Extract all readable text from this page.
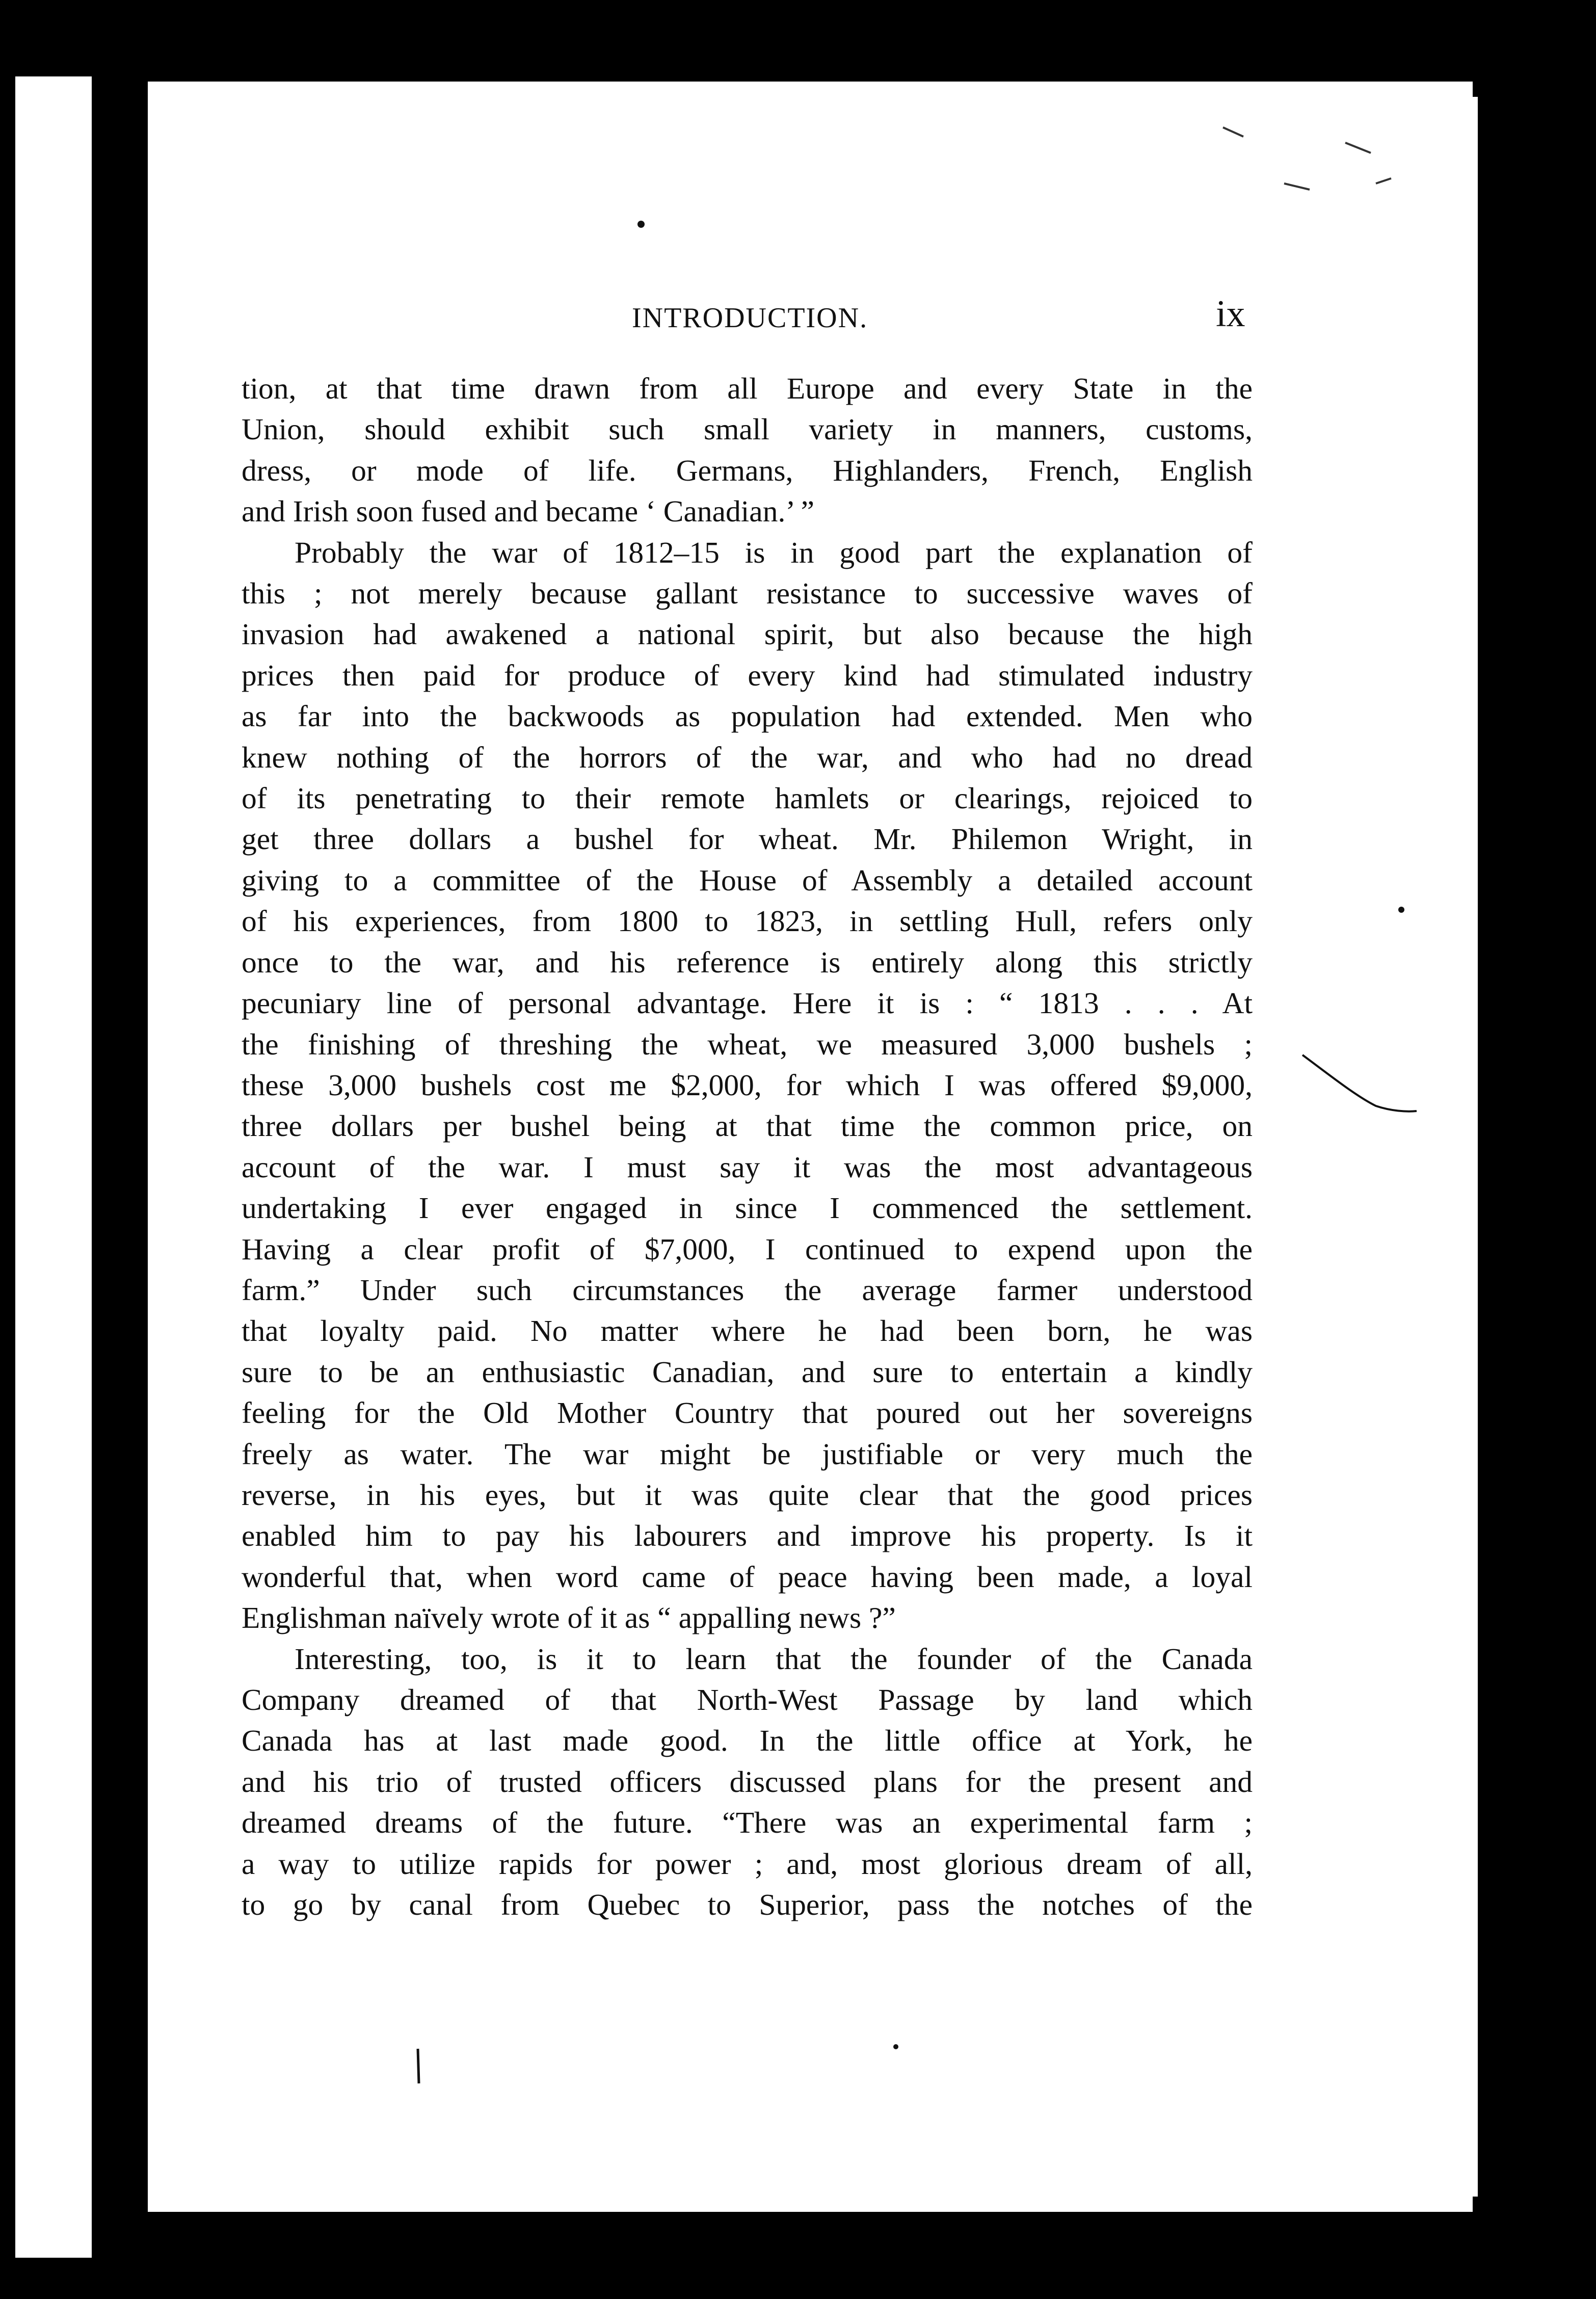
INTRODUCTION.	ix
tion, at that time drawn from all Europe and every State in the
Union, should exhibit such small variety in manners, customs,
dress, or mode of life. Germans, Highlanders, French, English
and Irish soon fused and became ‘ Canadian.’ ”
Probably the war of 1812–15 is in good part the explanation of
this ; not merely because gallant resistance to successive waves of
invasion had awakened a national spirit, but also because the high
prices then paid for produce of every kind had stimulated industry
as far into the backwoods as population had extended. Men who
knew nothing of the horrors of the war, and who had no dread
of its penetrating to their remote hamlets or clearings, rejoiced to
get three dollars a bushel for wheat. Mr. Philemon Wright, in
giving to a committee of the House of Assembly a detailed account
of his experiences, from 1800 to 1823, in settling Hull, refers only
once to the war, and his reference is entirely along this strictly
pecuniary line of personal advantage. Here it is : “ 1813 . . . At
the finishing of threshing the wheat, we measured 3,000 bushels ;
these 3,000 bushels cost me $2,000, for which I was offered $9,000,
three dollars per bushel being at that time the common price, on
account of the war. I must say it was the most advantageous
undertaking I ever engaged in since I commenced the settlement.
Having a clear profit of $7,000, I continued to expend upon the
farm.” Under such circumstances the average farmer understood
that loyalty paid. No matter where he had been born, he was
sure to be an enthusiastic Canadian, and sure to entertain a kindly
feeling for the Old Mother Country that poured out her sovereigns
freely as water. The war might be justifiable or very much the
reverse, in his eyes, but it was quite clear that the good prices
enabled him to pay his labourers and improve his property. Is it
wonderful that, when word came of peace having been made, a loyal
Englishman naïvely wrote of it as “ appalling news ?”
Interesting, too, is it to learn that the founder of the Canada
Company dreamed of that North-West Passage by land which
Canada has at last made good. In the little office at York, he
and his trio of trusted officers discussed plans for the present and
dreamed dreams of the future. “There was an experimental farm ;
a way to utilize rapids for power ; and, most glorious dream of all,
to go by canal from Quebec to Superior, pass the notches of the
